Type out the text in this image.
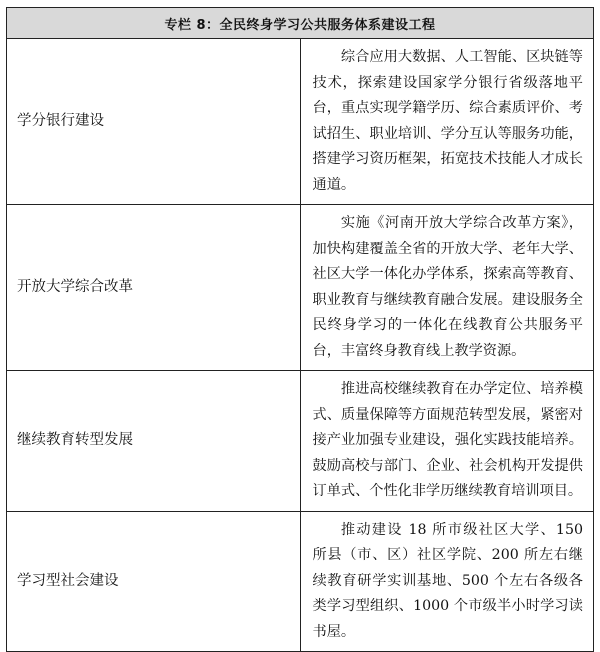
专栏 8：全民终身学习公共服务体系建设工程	
学分银行建设	综合应用大数据、人工智能、区块链等技术，探索建设国家学分银行省级落地平台，重点实现学籍学历、综合素质评价、考试招生、职业培训、学分互认等服务功能，搭建学习资历框架，拓宽技术技能人才成长通道。
开放大学综合改革	实施《河南开放大学综合改革方案》，加快构建覆盖全省的开放大学、老年大学、社区大学一体化办学体系，探索高等教育、职业教育与继续教育融合发展。建设服务全民终身学习的一体化在线教育公共服务平台，丰富终身教育线上教学资源。
继续教育转型发展	推进高校继续教育在办学定位、培养模式、质量保障等方面规范转型发展，紧密对接产业加强专业建设，强化实践技能培养。鼓励高校与部门、企业、社会机构开发提供订单式、个性化非学历继续教育培训项目。
学习型社会建设	推动建设 18 所市级社区大学、150 所县（市、区）社区学院、200 所左右继续教育研学实训基地、500 个左右各级各类学习型组织、1000 个市级半小时学习读书屋。
